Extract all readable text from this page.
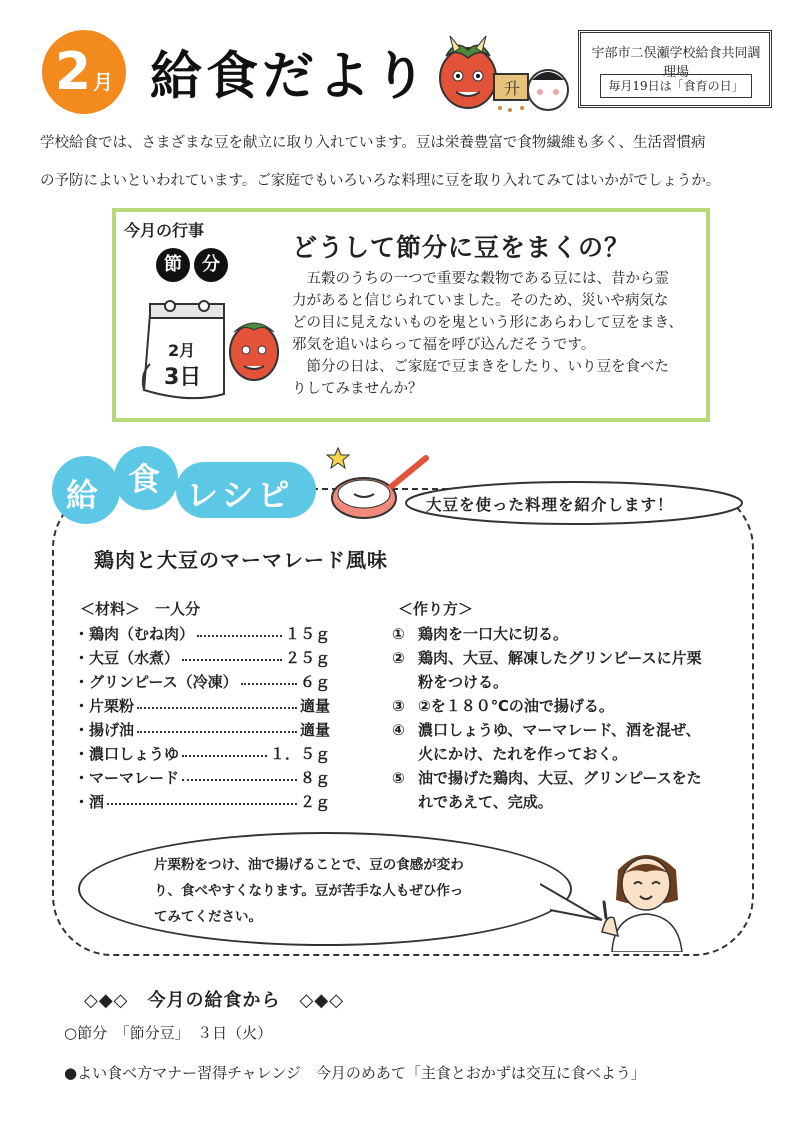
2 月 給食だより	升
宇部市二俣瀬学校給食共同調理場
毎月19日は「食育の日」
学校給食では、さまざまな豆を献立に取り入れています。豆は栄養豊富で食物繊維も多く、生活習慣病
の予防によいといわれています。ご家庭でもいろいろな料理に豆を取り入れてみてはいかがでしょうか。
今月の行事
節	分
2月
3日
どうして節分に豆をまくの？
　五穀のうちの一つで重要な穀物である豆には、昔から霊
力があると信じられていました。そのため、災いや病気な
どの目に見えないものを鬼という形にあらわして豆をまき、
邪気を追いはらって福を呼び込んだそうです。
　節分の日は、ご家庭で豆まきをしたり、いり豆を食べた
りしてみませんか？
給 食 レシピ	大豆を使った料理を紹介します！
鶏肉と大豆のマーマレード風味
＜材料＞　一人分
・鶏肉（むね肉）	１５ｇ
・大豆（水煮）	２５ｇ
・グリンピース（冷凍）	６ｇ
・片栗粉	適量
・揚げ油	適量
・濃口しょうゆ	１．５ｇ
・マーマレード	８ｇ
・酒	２ｇ
＜作り方＞
① 鶏肉を一口大に切る。
② 鶏肉、大豆、解凍したグリンピースに片栗
粉をつける。
③ ②を１８０℃の油で揚げる。
④ 濃口しょうゆ、マーマレード、酒を混ぜ、
火にかけ、たれを作っておく。
⑤ 油で揚げた鶏肉、大豆、グリンピースをた
れであえて、完成。
片栗粉をつけ、油で揚げることで、豆の食感が変わ
り、食べやすくなります。豆が苦手な人もぜひ作っ
てみてください。
◇◆◇　今月の給食から　◇◆◇
○節分　「節分豆」　３日（火）
●よい食べ方マナー習得チャレンジ　今月のめあて「主食とおかずは交互に食べよう」
